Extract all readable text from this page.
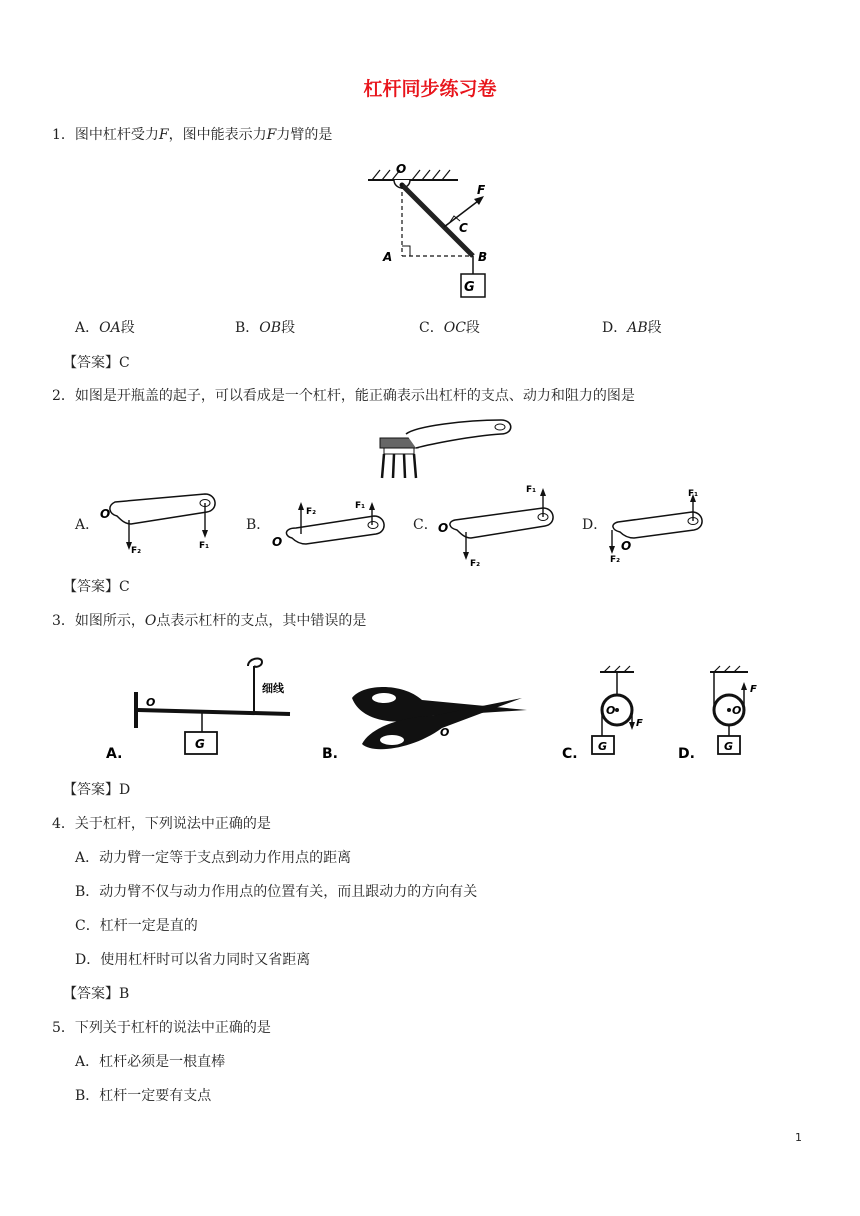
杠杆同步练习卷
1．图中杠杆受力F，图中能表示力F力臂的是
G
O
F
C
A	B
A．OA段	B．OB段	C．OC段	D．AB段
【答案】C
2．如图是开瓶盖的起子，可以看成是一个杠杆，能正确表示出杠杆的支点、动力和阻力的图是
A．
O
F₂	F₁
B．
O
F₂
F₁
C． O
F₁
F₂
D．
F₁
F₂
O
【答案】C
3．如图所示，O点表示杠杆的支点，其中错误的是
A.
O
细线
G
B.
O
C.
F
O
G	D.
F
O
G
【答案】D
4．关于杠杆，下列说法中正确的是
A．动力臂一定等于支点到动力作用点的距离
B．动力臂不仅与动力作用点的位置有关，而且跟动力的方向有关
C．杠杆一定是直的
D．使用杠杆时可以省力同时又省距离
【答案】B
5．下列关于杠杆的说法中正确的是
A．杠杆必须是一根直棒
B．杠杆一定要有支点
1
